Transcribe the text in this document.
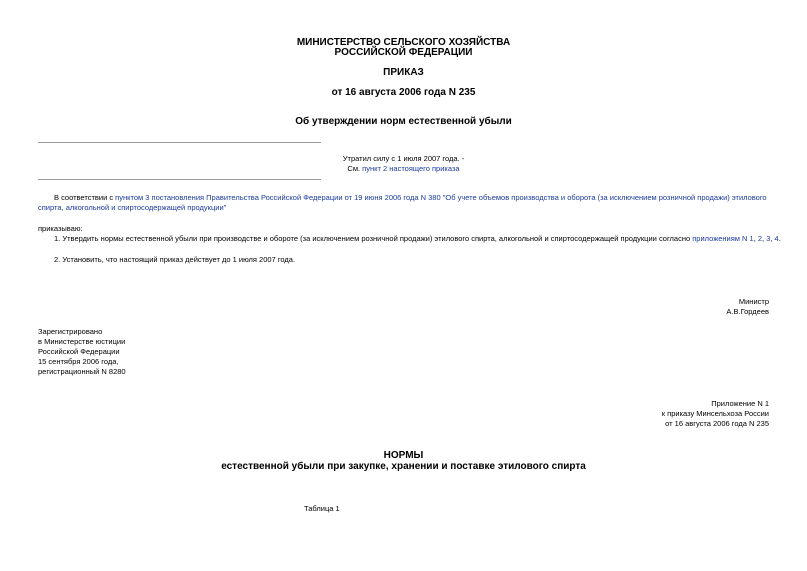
МИНИСТЕРСТВО СЕЛЬСКОГО ХОЗЯЙСТВА
РОССИЙСКОЙ ФЕДЕРАЦИИ
ПРИКАЗ
от 16 августа 2006 года N 235
Об утверждении норм естественной убыли
Утратил силу с 1 июля 2007 года. -
См. пункт 2 настоящего приказа
В соответствии с пунктом 3 постановления Правительства Российской Федерации от 19 июня 2006 года N 380 "Об учете объемов производства и оборота (за исключением розничной продажи) этилового спирта, алкогольной и спиртосодержащей продукции"
приказываю:
1. Утвердить нормы естественной убыли при производстве и обороте (за исключением розничной продажи) этилового спирта, алкогольной и спиртосодержащей продукции согласно приложениям N 1, 2, 3, 4.
2. Установить, что настоящий приказ действует до 1 июля 2007 года.
Министр
А.В.Гордеев
Зарегистрировано
в Министерстве юстиции
Российской Федерации
15 сентября 2006 года,
регистрационный N 8280
Приложение N 1
к приказу Минсельхоза России
от 16 августа 2006 года N 235
НОРМЫ
естественной убыли при закупке, хранении и поставке этилового спирта
Таблица 1
